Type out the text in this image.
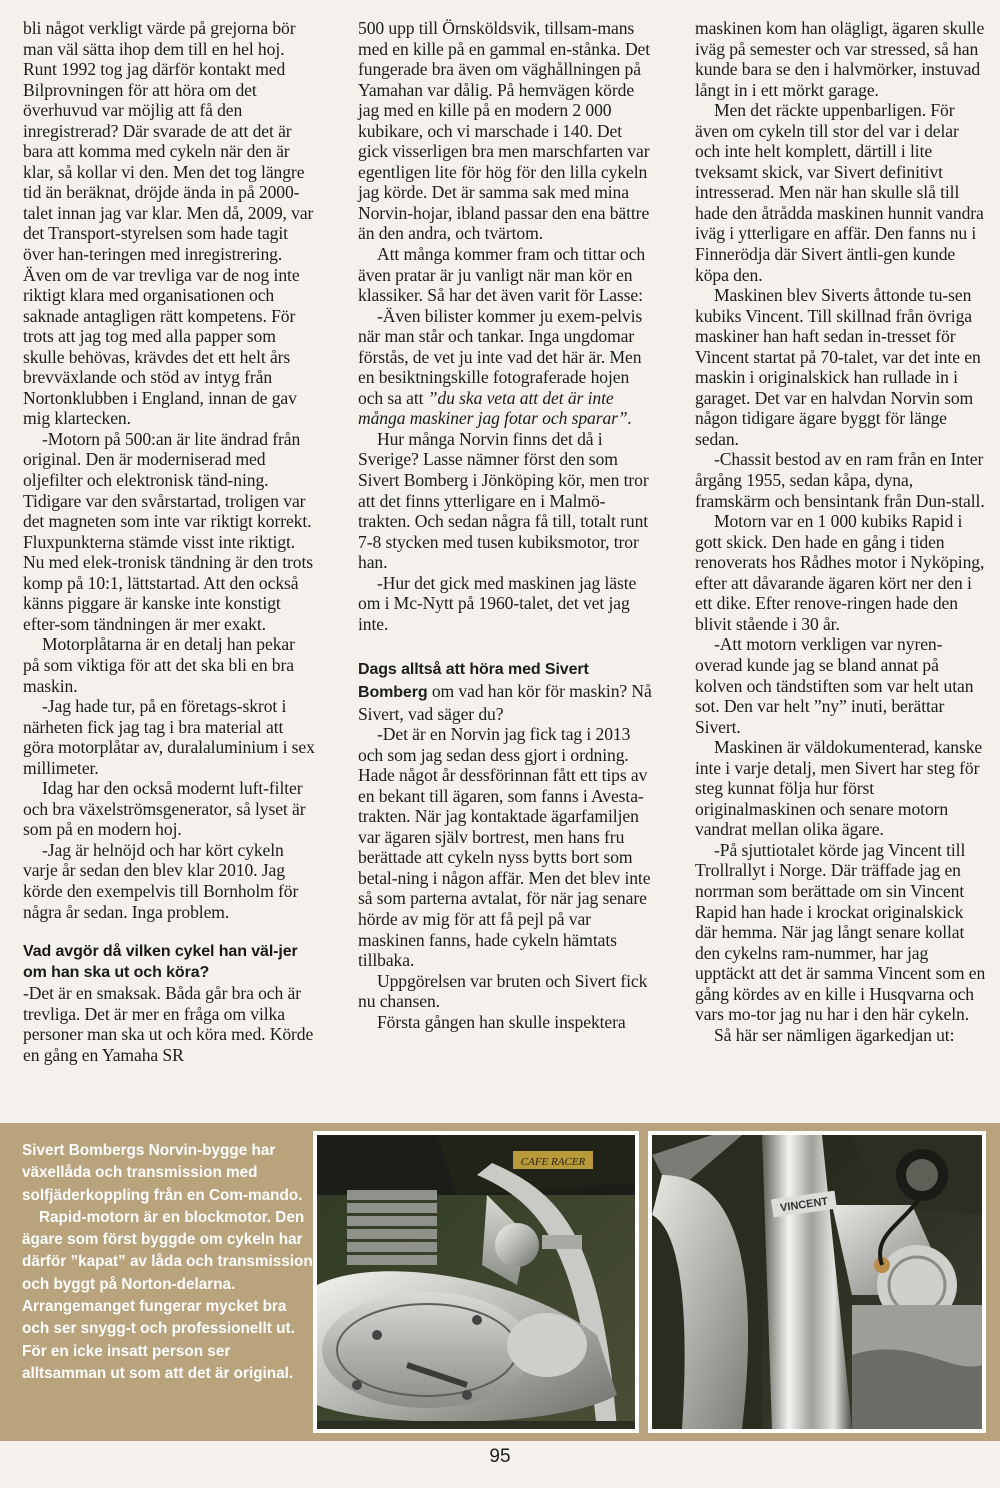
bli något verkligt värde på grejorna bör man väl sätta ihop dem till en hel hoj. Runt 1992 tog jag därför kontakt med Bilprovningen för att höra om det överhuvud var möjlig att få den inregistrerad? Där svarade de att det är bara att komma med cykeln när den är klar, så kollar vi den. Men det tog längre tid än beräknat, dröjde ända in på 2000-talet innan jag var klar. Men då, 2009, var det Transport-styrelsen som hade tagit över han-teringen med inregistrering. Även om de var trevliga var de nog inte riktigt klara med organisationen och saknade antagligen rätt kompetens. För trots att jag tog med alla papper som skulle behövas, krävdes det ett helt års brevväxlande och stöd av intyg från Nortonklubben i England, innan de gav mig klartecken.

-Motorn på 500:an är lite ändrad från original. Den är moderniserad med oljefilter och elektronisk tänd-ning. Tidigare var den svårstartad, troligen var det magneten som inte var riktigt korrekt. Fluxpunkterna stämde visst inte riktigt. Nu med elek-tronisk tändning är den trots komp på 10:1, lättstartad. Att den också känns piggare är kanske inte konstigt efter-som tändningen är mer exakt.

Motorplåtarna är en detalj han pekar på som viktiga för att det ska bli en bra maskin.

-Jag hade tur, på en företags-skrot i närheten fick jag tag i bra material att göra motorplåtar av, duralaluminium i sex millimeter.

Idag har den också modernt luft-filter och bra växelströmsgenerator, så lyset är som på en modern hoj.

-Jag är helnöjd och har kört cykeln varje år sedan den blev klar 2010. Jag körde den exempelvis till Bornholm för några år sedan. Inga problem.

Vad avgör då vilken cykel han väl-jer om han ska ut och köra?

-Det är en smaksak. Båda går bra och är trevliga. Det är mer en fråga om vilka personer man ska ut och köra med. Körde en gång en Yamaha SR

500 upp till Örnsköldsvik, tillsam-mans med en kille på en gammal en-stånka. Det fungerade bra även om väghållningen på Yamahan var dålig. På hemvägen körde jag med en kille på en modern 2 000 kubikare, och vi marschade i 140. Det gick visserligen bra men marschfarten var egentligen lite för hög för den lilla cykeln jag körde. Det är samma sak med mina Norvin-hojar, ibland passar den ena bättre än den andra, och tvärtom.

Att många kommer fram och tittar och även pratar är ju vanligt när man kör en klassiker. Så har det även varit för Lasse:

-Även bilister kommer ju exem-pelvis när man står och tankar. Inga ungdomar förstås, de vet ju inte vad det här är. Men en besiktningskille fotograferade hojen och sa att ”du ska veta att det är inte många maskiner jag fotar och sparar”.

Hur många Norvin finns det då i Sverige? Lasse nämner först den som Sivert Bomberg i Jönköping kör, men tror att det finns ytterligare en i Malmö-trakten. Och sedan några få till, totalt runt 7-8 stycken med tusen kubiksmotor, tror han.

-Hur det gick med maskinen jag läste om i Mc-Nytt på 1960-talet, det vet jag inte.

Dags alltså att höra med Sivert Bomberg om vad han kör för maskin? Nå Sivert, vad säger du?

-Det är en Norvin jag fick tag i 2013 och som jag sedan dess gjort i ordning. Hade något år dessförinnan fått ett tips av en bekant till ägaren, som fanns i Avesta-trakten. När jag kontaktade ägarfamiljen var ägaren själv bortrest, men hans fru berättade att cykeln nyss bytts bort som betal-ning i någon affär. Men det blev inte så som parterna avtalat, för när jag senare hörde av mig för att få pejl på var maskinen fanns, hade cykeln hämtats tillbaka.

Uppgörelsen var bruten och Sivert fick nu chansen.

Första gången han skulle inspektera

maskinen kom han olägligt, ägaren skulle iväg på semester och var stressed, så han kunde bara se den i halvmörker, instuvad långt in i ett mörkt garage.

Men det räckte uppenbarligen. För även om cykeln till stor del var i delar och inte helt komplett, därtill i lite tveksamt skick, var Sivert definitivt intresserad. Men när han skulle slå till hade den åtrådda maskinen hunnit vandra iväg i ytterligare en affär. Den fanns nu i Finnerödja där Sivert äntli-gen kunde köpa den.

Maskinen blev Siverts åttonde tu-sen kubiks Vincent. Till skillnad från övriga maskiner han haft sedan in-tresset för Vincent startat på 70-talet, var det inte en maskin i originalskick han rullade in i garaget. Det var en halvdan Norvin som någon tidigare ägare byggt för länge sedan.

-Chassit bestod av en ram från en Inter årgång 1955, sedan kåpa, dyna, framskärm och bensintank från Dun-stall.

Motorn var en 1 000 kubiks Rapid i gott skick. Den hade en gång i tiden renoverats hos Rådhes motor i Nyköping, efter att dåvarande ägaren kört ner den i ett dike. Efter renove-ringen hade den blivit stående i 30 år.

-Att motorn verkligen var nyren-overad kunde jag se bland annat på kolven och tändstiften som var helt utan sot. Den var helt ”ny” inuti, berättar Sivert.

Maskinen är väldokumenterad, kanske inte i varje detalj, men Sivert har steg för steg kunnat följa hur först originalmaskinen och senare motorn vandrat mellan olika ägare.

-På sjuttiotalet körde jag Vincent till Trollrallyt i Norge. Där träffade jag en norrman som berättade om sin Vincent Rapid han hade i krockat originalskick där hemma. När jag långt senare kollat den cykelns ram-nummer, har jag upptäckt att det är samma Vincent som en gång kördes av en kille i Husqvarna och vars mo-tor jag nu har i den här cykeln.

Så här ser nämligen ägarkedjan ut:

Sivert Bombergs Norvin-bygge har växellåda och transmission med solfjäderkoppling från en Com-mando.

Rapid-motorn är en blockmotor. Den ägare som först byggde om cykeln har därför ”kapat” av låda och transmission och byggt på Norton-delarna. Arrangemanget fungerar mycket bra och ser snygg-t och professionellt ut. För en icke insatt person ser alltsamman ut som att det är original.

CAFE RACER
VINCENT
95
